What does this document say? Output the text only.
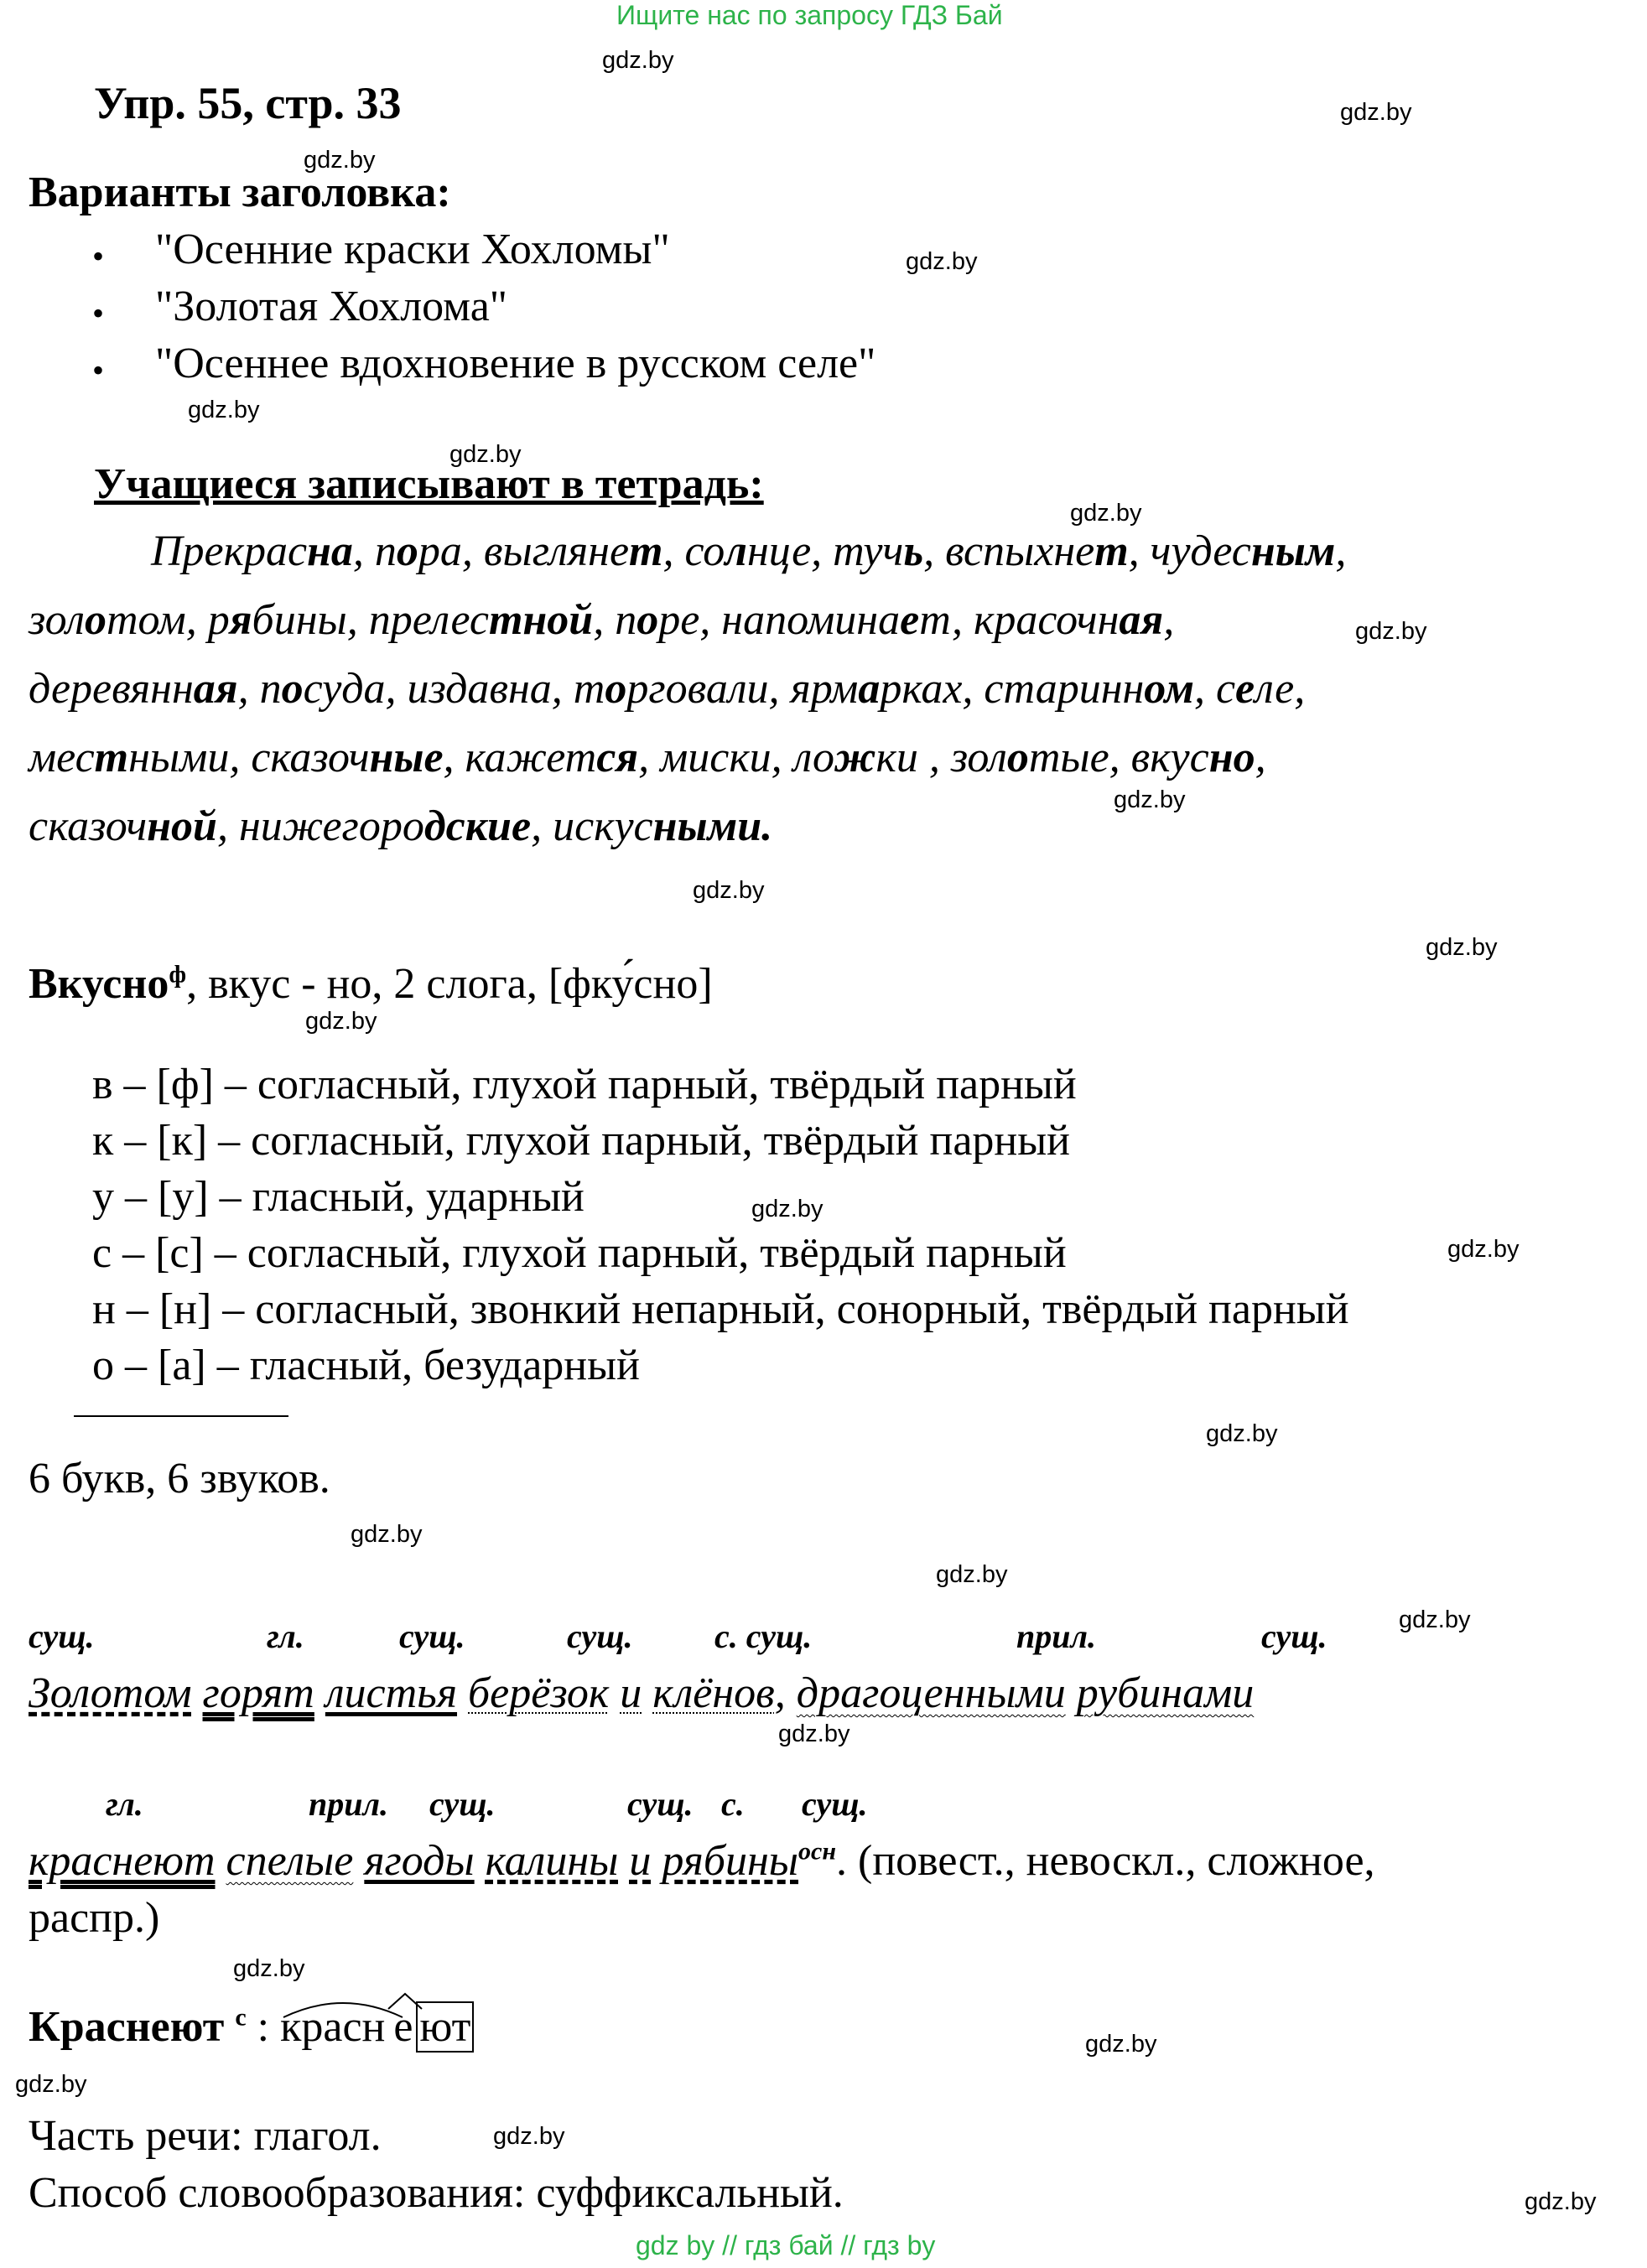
Ищите нас по запросу ГДЗ Бай
gdz.by
gdz.by
gdz.by
gdz.by
gdz.by
gdz.by
gdz.by
gdz.by
gdz.by
gdz.by
gdz.by
gdz.by
gdz.by
gdz.by
gdz.by
gdz.by
gdz.by
gdz.by
gdz.by
gdz.by
gdz.by
gdz.by
gdz.by
gdz.by
Упр. 55, стр. 33
Варианты заголовка:
• "Осенние краски Хохломы"
• "Золотая Хохлома"
• "Осеннее вдохновение в русском селе"
Учащиеся записывают в тетрадь:
Прекрасна, пора, выглянет, солнце, тучь, вспыхнет, чудесным,
золотом, рябины, прелестной, поре, напоминает, красочная,
деревянная, посуда, издавна, торговали, ярмарках, старинном, селе,
местными, сказочные, кажется, миски, ложки , золотые, вкусно,
сказочной, нижегородские, искусными.
Вкусно$^ф$, вкус - но, 2 слога, [фку́сно]
в – [ф] – согласный, глухой парный, твёрдый парный
к – [к] – согласный, глухой парный, твёрдый парный
у – [у] – гласный, ударный
с – [с] – согласный, глухой парный, твёрдый парный
н – [н] – согласный, звонкий непарный, сонорный, твёрдый парный
о – [а] – гласный, безударный
6 букв, 6 звуков.
сущ.	гл.	сущ.	сущ. с. сущ.	прил.	сущ.
Золотом горят листья берёзок и клёнов, драгоценными рубинами
гл.	прил. сущ.	сущ. с. сущ.
краснеют спелые ягоды калины и рябины$^{осн}$. (повест., невоскл., сложное,
распр.)
Краснеют $^с$ :
красн е ют
Часть речи: глагол.
Способ словообразования: суффиксальный.
gdz by // гдз бай // гдз by
